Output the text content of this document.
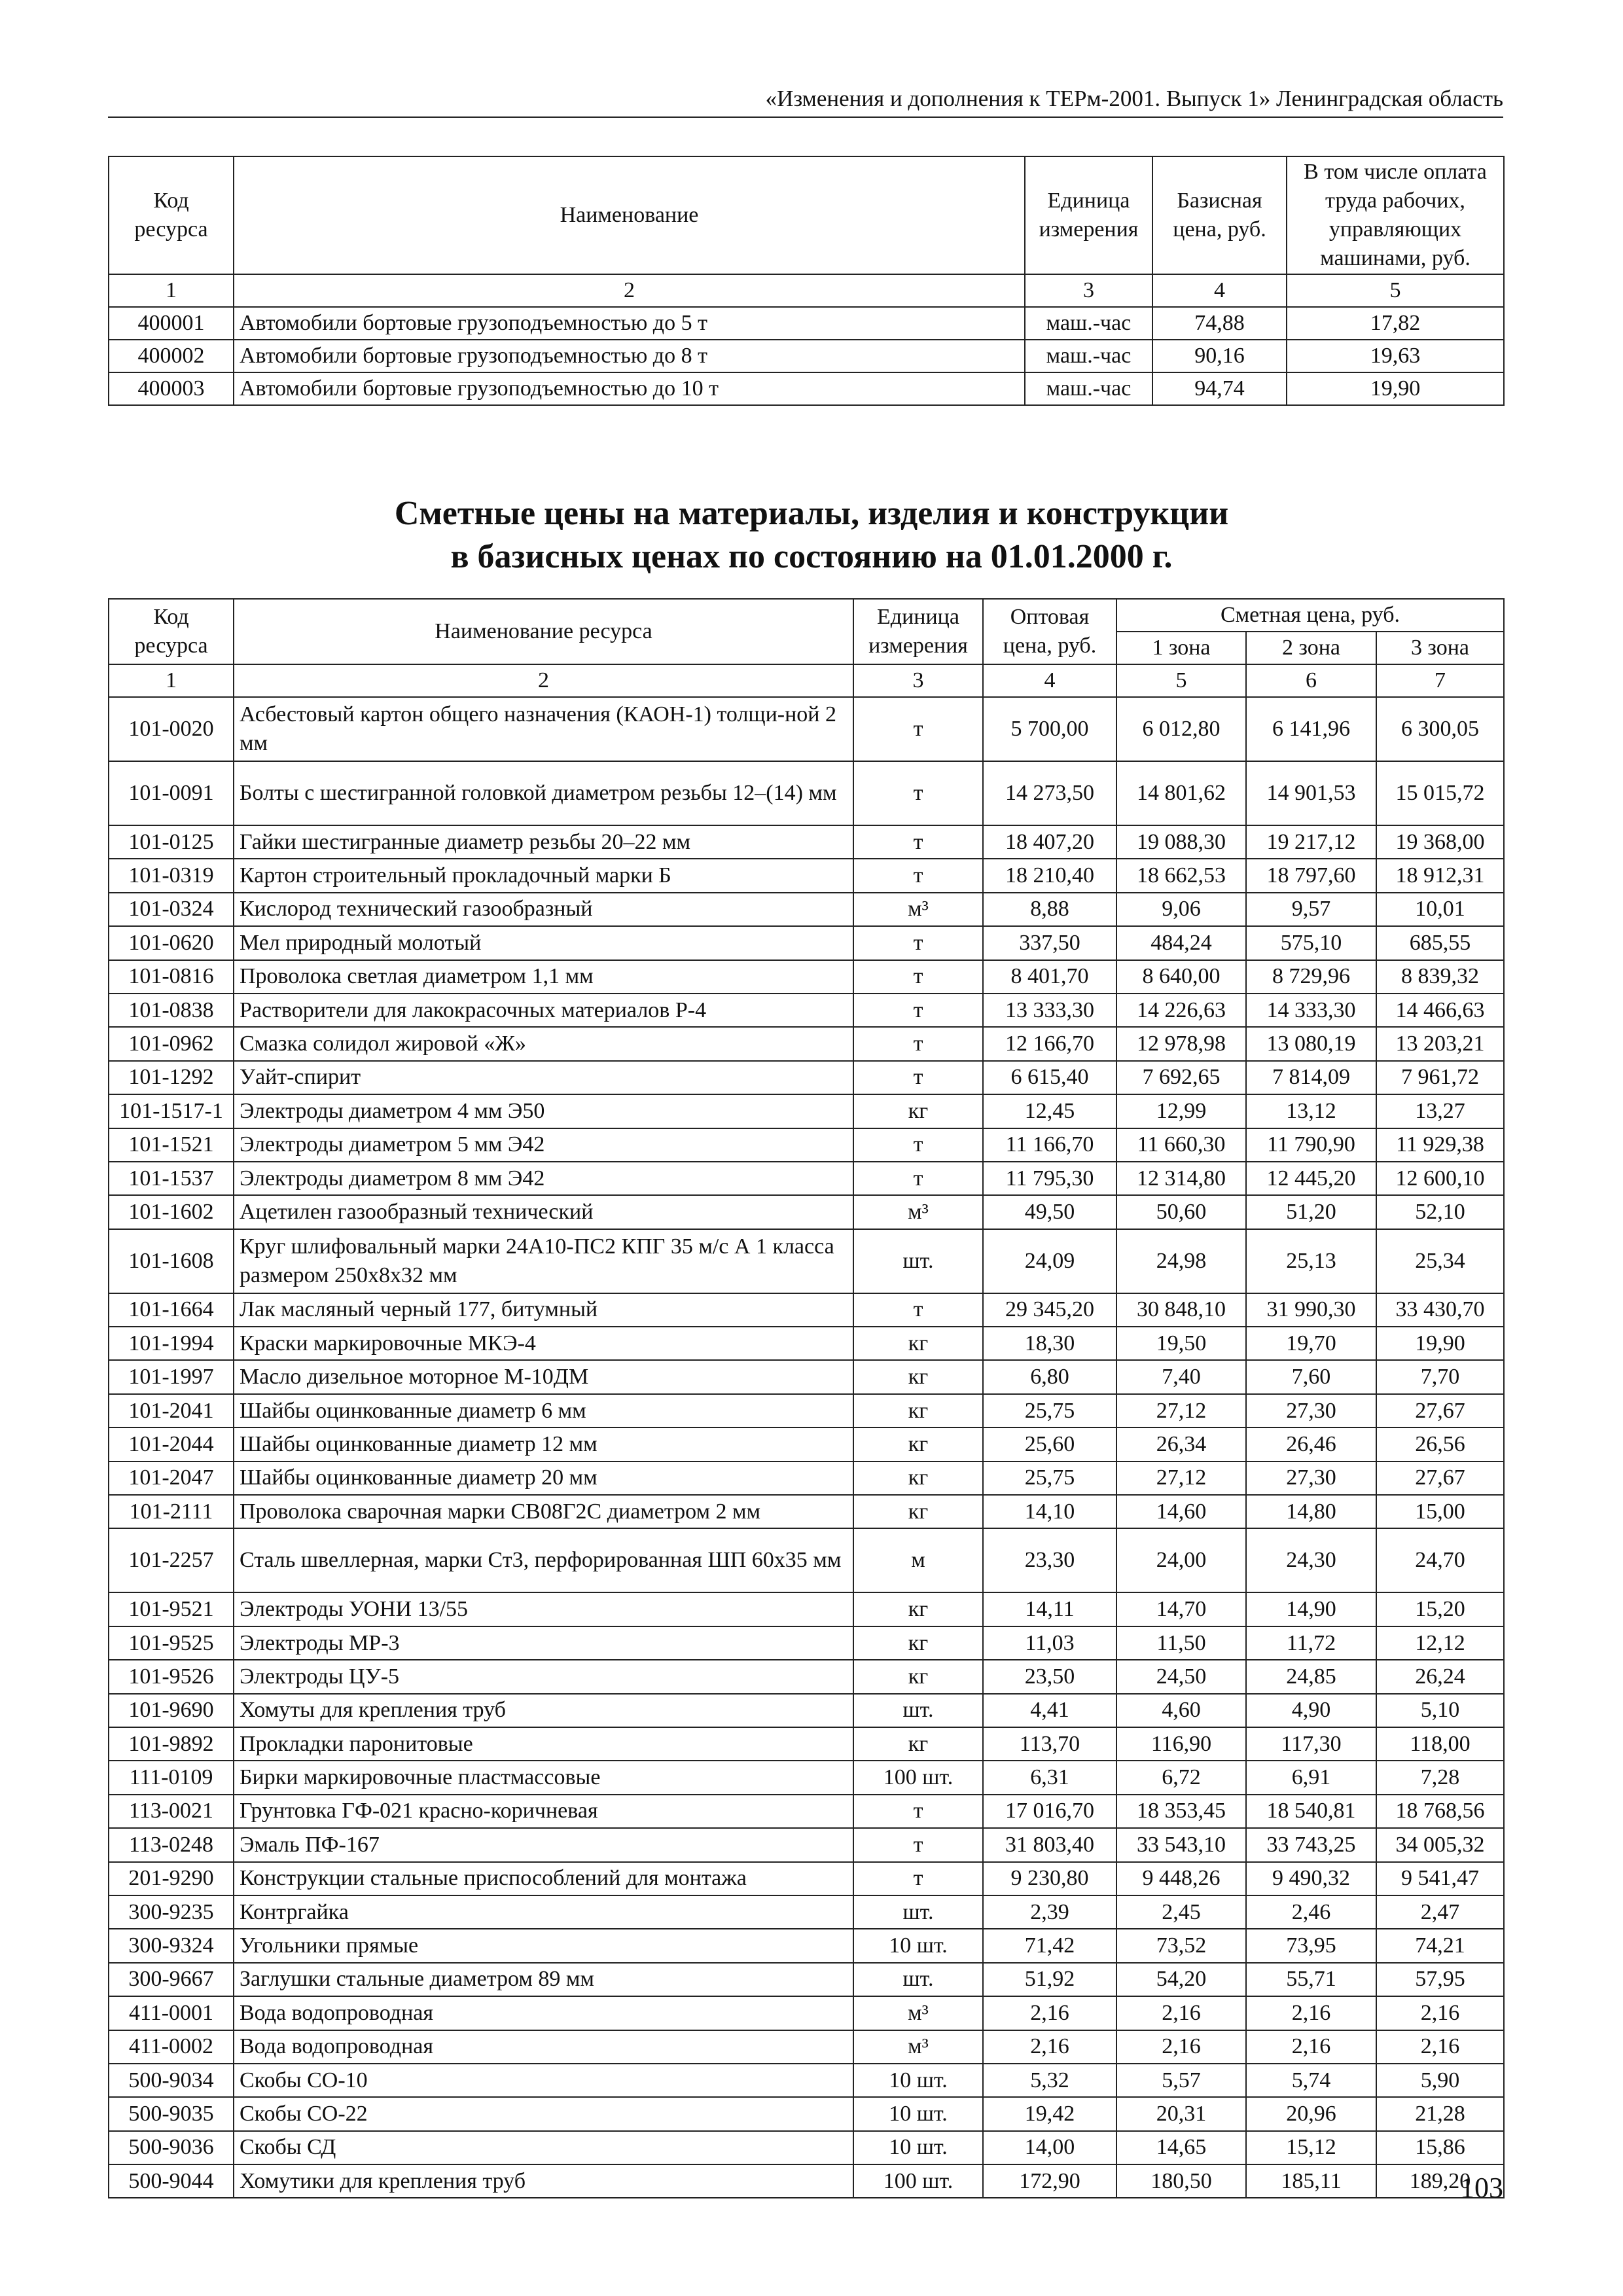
«Изменения и дополнения к ТЕРм-2001. Выпуск 1» Ленинградская область
Код ресурса	Наименование	Единица измерения	Базисная цена, руб.	В том числе оплата труда рабочих, управляющих машинами, руб.
1	2	3	4	5
400001	Автомобили бортовые грузоподъемностью до 5 т	маш.-час	74,88	17,82
400002	Автомобили бортовые грузоподъемностью до 8 т	маш.-час	90,16	19,63
400003	Автомобили бортовые грузоподъемностью до 10 т	маш.-час	94,74	19,90
Сметные цены на материалы, изделия и конструкции
в базисных ценах по состоянию на 01.01.2000 г.
Код ресурса	Наименование ресурса	Единица измерения	Оптовая цена, руб.	Сметная цена, руб.		
				1 зона	2 зона	3 зона
1	2	3	4	5	6	7
101-0020	Асбестовый картон общего назначения (КАОН-1) толщи-ной 2 мм	т	5 700,00	6 012,80	6 141,96	6 300,05
101-0091	Болты с шестигранной головкой диаметром резьбы 12–(14) мм	т	14 273,50	14 801,62	14 901,53	15 015,72
101-0125	Гайки шестигранные диаметр резьбы 20–22 мм	т	18 407,20	19 088,30	19 217,12	19 368,00
101-0319	Картон строительный прокладочный марки Б	т	18 210,40	18 662,53	18 797,60	18 912,31
101-0324	Кислород технический газообразный	м³	8,88	9,06	9,57	10,01
101-0620	Мел природный молотый	т	337,50	484,24	575,10	685,55
101-0816	Проволока светлая диаметром 1,1 мм	т	8 401,70	8 640,00	8 729,96	8 839,32
101-0838	Растворители для лакокрасочных материалов Р-4	т	13 333,30	14 226,63	14 333,30	14 466,63
101-0962	Смазка солидол жировой «Ж»	т	12 166,70	12 978,98	13 080,19	13 203,21
101-1292	Уайт-спирит	т	6 615,40	7 692,65	7 814,09	7 961,72
101-1517-1	Электроды диаметром 4 мм Э50	кг	12,45	12,99	13,12	13,27
101-1521	Электроды диаметром 5 мм Э42	т	11 166,70	11 660,30	11 790,90	11 929,38
101-1537	Электроды диаметром 8 мм Э42	т	11 795,30	12 314,80	12 445,20	12 600,10
101-1602	Ацетилен газообразный технический	м³	49,50	50,60	51,20	52,10
101-1608	Круг шлифовальный марки 24А10-ПС2 КПГ 35 м/с А 1 класса размером 250х8х32 мм	шт.	24,09	24,98	25,13	25,34
101-1664	Лак масляный черный 177, битумный	т	29 345,20	30 848,10	31 990,30	33 430,70
101-1994	Краски маркировочные МКЭ-4	кг	18,30	19,50	19,70	19,90
101-1997	Масло дизельное моторное М-10ДМ	кг	6,80	7,40	7,60	7,70
101-2041	Шайбы оцинкованные диаметр 6 мм	кг	25,75	27,12	27,30	27,67
101-2044	Шайбы оцинкованные диаметр 12 мм	кг	25,60	26,34	26,46	26,56
101-2047	Шайбы оцинкованные диаметр 20 мм	кг	25,75	27,12	27,30	27,67
101-2111	Проволока сварочная марки СВ08Г2С диаметром 2 мм	кг	14,10	14,60	14,80	15,00
101-2257	Сталь швеллерная, марки Ст3, перфорированная ШП 60х35 мм	м	23,30	24,00	24,30	24,70
101-9521	Электроды УОНИ 13/55	кг	14,11	14,70	14,90	15,20
101-9525	Электроды МР-3	кг	11,03	11,50	11,72	12,12
101-9526	Электроды ЦУ-5	кг	23,50	24,50	24,85	26,24
101-9690	Хомуты для крепления труб	шт.	4,41	4,60	4,90	5,10
101-9892	Прокладки паронитовые	кг	113,70	116,90	117,30	118,00
111-0109	Бирки маркировочные пластмассовые	100 шт.	6,31	6,72	6,91	7,28
113-0021	Грунтовка ГФ-021 красно-коричневая	т	17 016,70	18 353,45	18 540,81	18 768,56
113-0248	Эмаль ПФ-167	т	31 803,40	33 543,10	33 743,25	34 005,32
201-9290	Конструкции стальные приспособлений для монтажа	т	9 230,80	9 448,26	9 490,32	9 541,47
300-9235	Контргайка	шт.	2,39	2,45	2,46	2,47
300-9324	Угольники прямые	10 шт.	71,42	73,52	73,95	74,21
300-9667	Заглушки стальные диаметром 89 мм	шт.	51,92	54,20	55,71	57,95
411-0001	Вода водопроводная	м³	2,16	2,16	2,16	2,16
411-0002	Вода водопроводная	м³	2,16	2,16	2,16	2,16
500-9034	Скобы СО-10	10 шт.	5,32	5,57	5,74	5,90
500-9035	Скобы СО-22	10 шт.	19,42	20,31	20,96	21,28
500-9036	Скобы СД	10 шт.	14,00	14,65	15,12	15,86
500-9044	Хомутики для крепления труб	100 шт.	172,90	180,50	185,11	189,20
103
